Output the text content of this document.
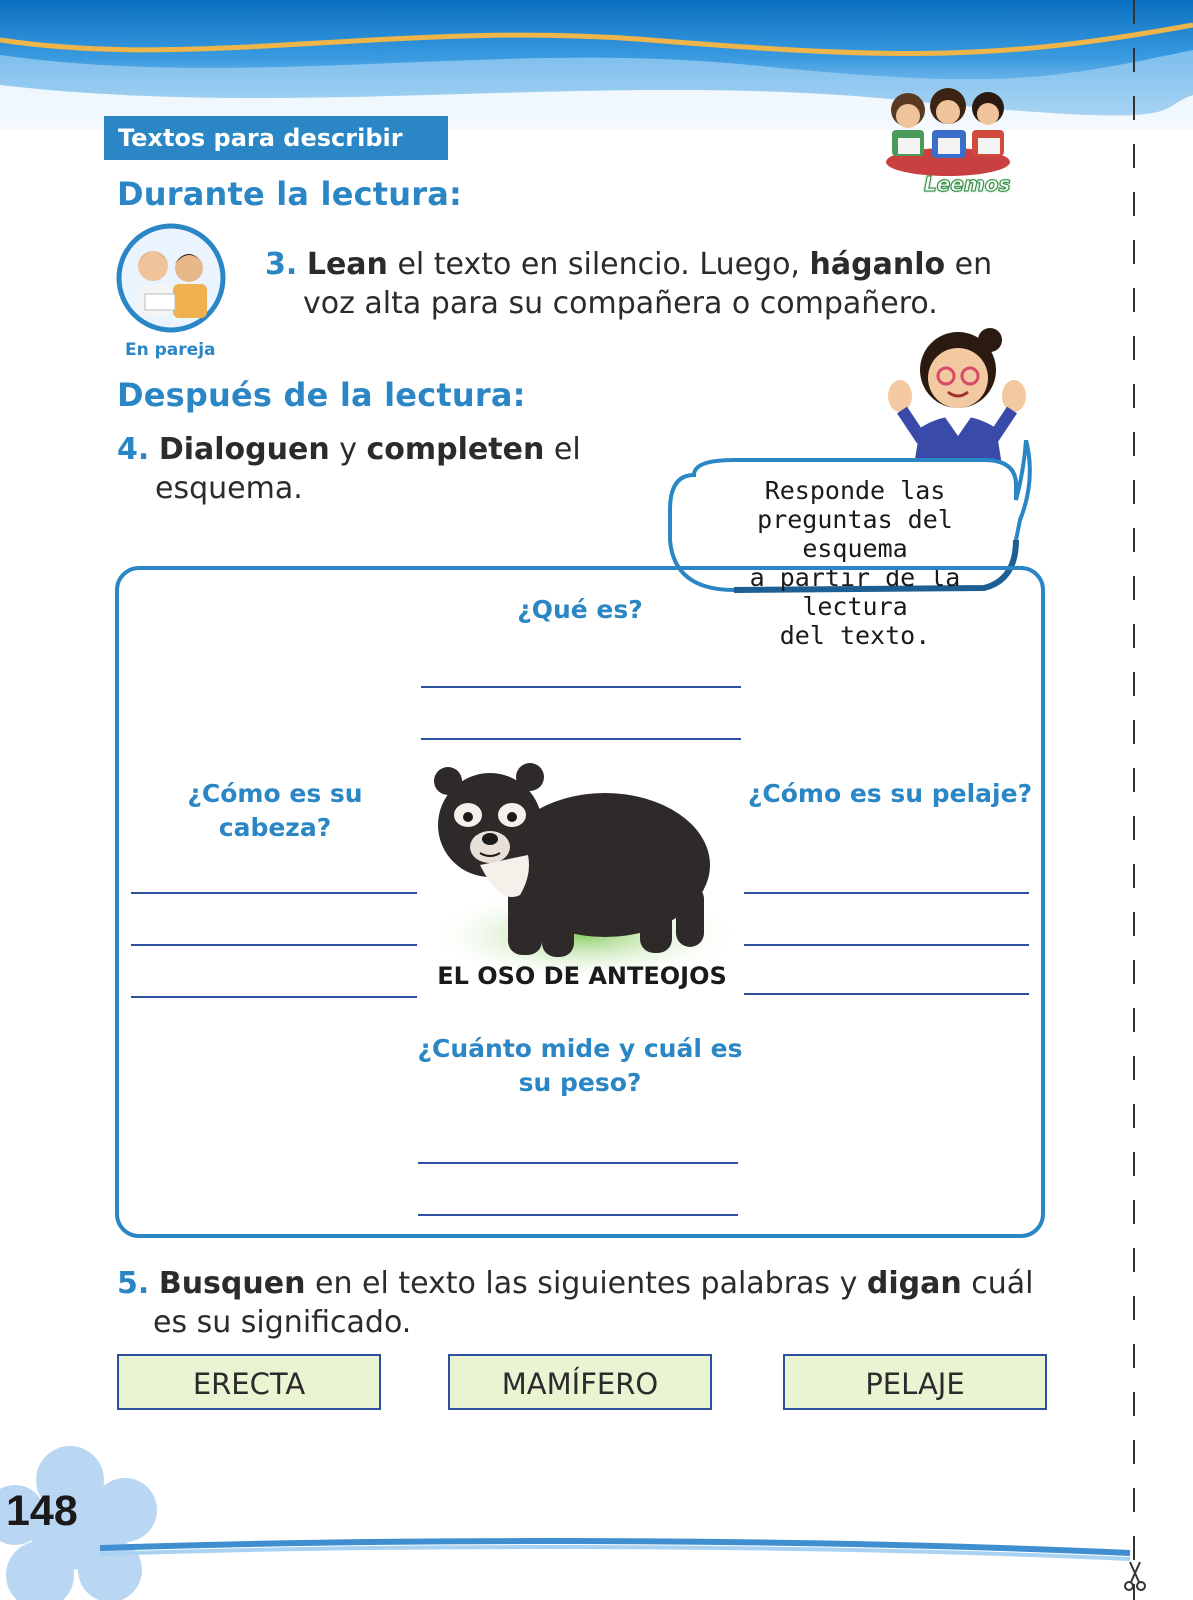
Textos para describir
Leemos
Durante la lectura:
En pareja
3. Lean el texto en silencio. Luego, háganlo en
voz alta para su compañera o compañero.
Después de la lectura:
4. Dialoguen y completen el
esquema.	Responde las
preguntas del esquema
a partir de la lectura
del texto.
¿Qué es?
¿Cómo es su
cabeza?
¿Cómo es su pelaje?
EL OSO DE ANTEOJOS
¿Cuánto mide y cuál es
su peso?
5. Busquen en el texto las siguientes palabras y digan cuál
es su significado.
ERECTA	MAMÍFERO	PELAJE
148
